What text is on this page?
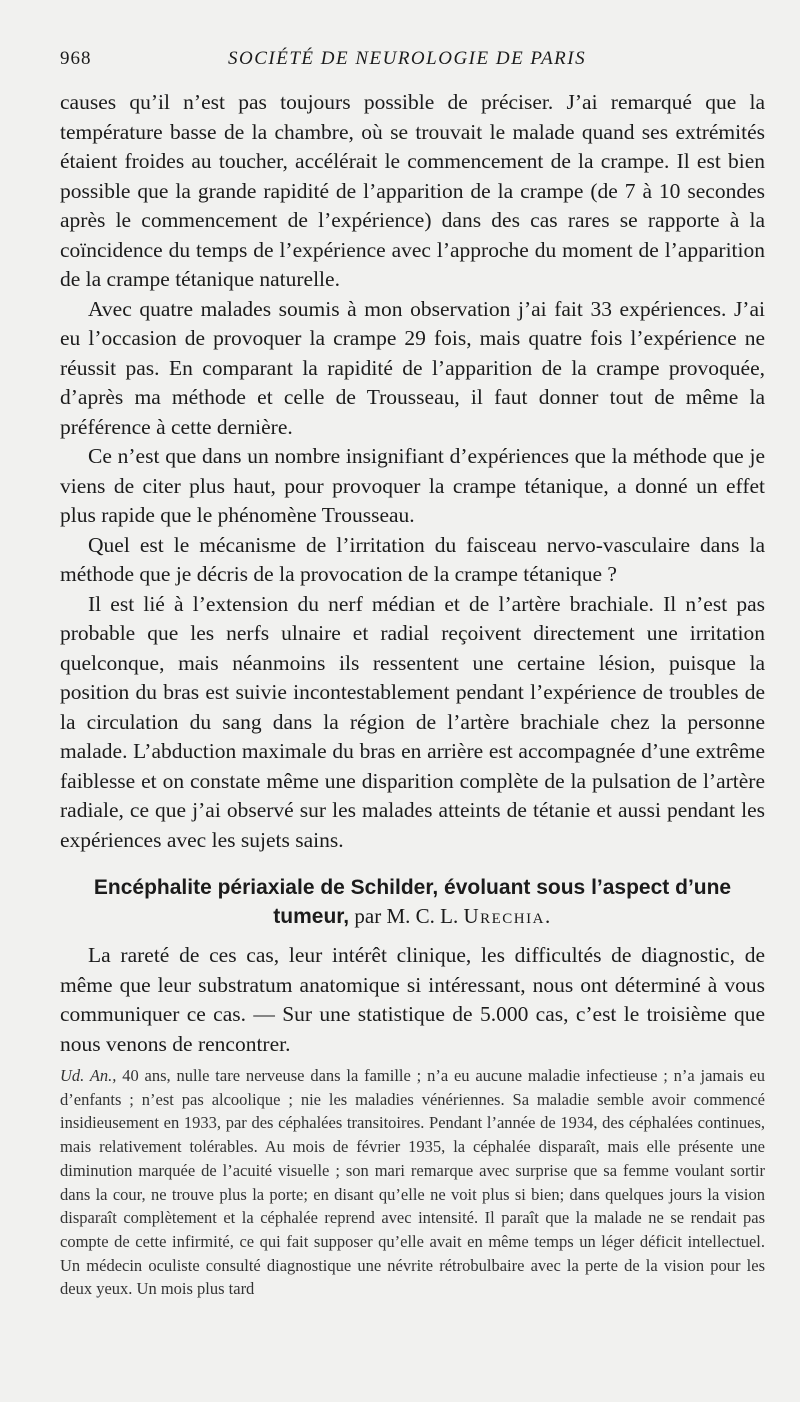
968	SOCIÉTÉ DE NEUROLOGIE DE PARIS

causes qu’il n’est pas toujours possible de préciser. J’ai remarqué que la température basse de la chambre, où se trouvait le malade quand ses extrémités étaient froides au toucher, accélérait le commencement de la crampe. Il est bien possible que la grande rapidité de l’apparition de la crampe (de 7 à 10 secondes après le commencement de l’expérience) dans des cas rares se rapporte à la coïncidence du temps de l’expérience avec l’approche du moment de l’apparition de la crampe tétanique naturelle.

Avec quatre malades soumis à mon observation j’ai fait 33 expériences. J’ai eu l’occasion de provoquer la crampe 29 fois, mais quatre fois l’expérience ne réussit pas. En comparant la rapidité de l’apparition de la crampe provoquée, d’après ma méthode et celle de Trousseau, il faut donner tout de même la préférence à cette dernière.

Ce n’est que dans un nombre insignifiant d’expériences que la méthode que je viens de citer plus haut, pour provoquer la crampe tétanique, a donné un effet plus rapide que le phénomène Trousseau.

Quel est le mécanisme de l’irritation du faisceau nervo-vasculaire dans la méthode que je décris de la provocation de la crampe tétanique ?

Il est lié à l’extension du nerf médian et de l’artère brachiale. Il n’est pas probable que les nerfs ulnaire et radial reçoivent directement une irritation quelconque, mais néanmoins ils ressentent une certaine lésion, puisque la position du bras est suivie incontestablement pendant l’expérience de troubles de la circulation du sang dans la région de l’artère brachiale chez la personne malade. L’abduction maximale du bras en arrière est accompagnée d’une extrême faiblesse et on constate même une disparition complète de la pulsation de l’artère radiale, ce que j’ai observé sur les malades atteints de tétanie et aussi pendant les expériences avec les sujets sains.

Encéphalite périaxiale de Schilder, évoluant sous l’aspect d’une tumeur, par M. C. L. Urechia.
La rareté de ces cas, leur intérêt clinique, les difficultés de diagnostic, de même que leur substratum anatomique si intéressant, nous ont déterminé à vous communiquer ce cas. — Sur une statistique de 5.000 cas, c’est le troisième que nous venons de rencontrer.
Ud. An., 40 ans, nulle tare nerveuse dans la famille ; n’a eu aucune maladie infectieuse ; n’a jamais eu d’enfants ; n’est pas alcoolique ; nie les maladies vénériennes. Sa maladie semble avoir commencé insidieusement en 1933, par des céphalées transitoires. Pendant l’année de 1934, des céphalées continues, mais relativement tolérables. Au mois de février 1935, la céphalée disparaît, mais elle présente une diminution marquée de l’acuité visuelle ; son mari remarque avec surprise que sa femme voulant sortir dans la cour, ne trouve plus la porte; en disant qu’elle ne voit plus si bien; dans quelques jours la vision disparaît complètement et la céphalée reprend avec intensité. Il paraît que la malade ne se rendait pas compte de cette infirmité, ce qui fait supposer qu’elle avait en même temps un léger déficit intellectuel. Un médecin oculiste consulté diagnostique une névrite rétrobulbaire avec la perte de la vision pour les deux yeux. Un mois plus tard
